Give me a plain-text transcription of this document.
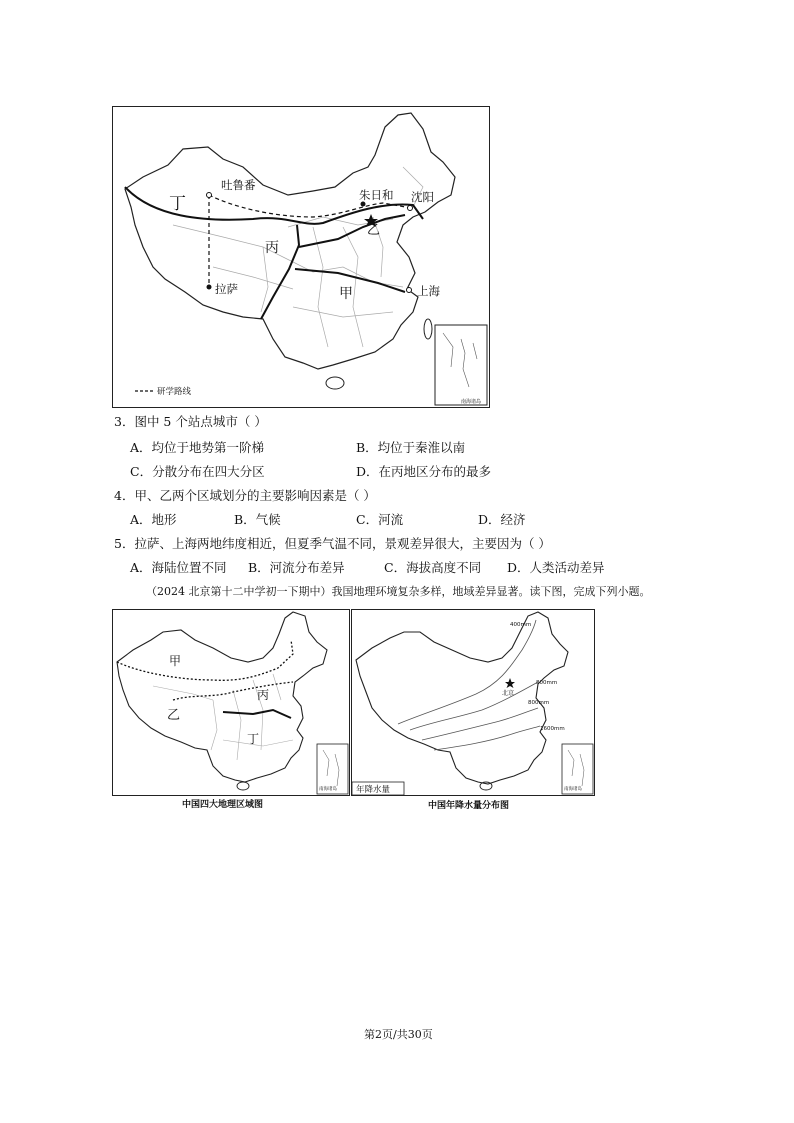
吐鲁番
朱日和 沈阳
拉萨	上海
丁
丙
乙
甲
研学路线
南海诸岛
3．图中 5 个站点城市（ ）
A．均位于地势第一阶梯	B．均位于秦淮以南
C．分散分布在四大分区	D．在丙地区分布的最多
4．甲、乙两个区域划分的主要影响因素是（ ）
A．地形	B．气候	C．河流	D．经济
5．拉萨、上海两地纬度相近，但夏季气温不同，景观差异很大，主要因为（ ）
A．海陆位置不同 B．河流分布差异	C．海拔高度不同 D．人类活动差异
（2024 北京第十二中学初一下期中）我国地理环境复杂多样，地域差异显著。读下图，完成下列小题。
甲
乙
丙
丁
南海诸岛
400mm
800mm
800mm
1600mm
北京
年降水量	南海诸岛
中国四大地理区域图	中国年降水量分布图
第2页/共30页
